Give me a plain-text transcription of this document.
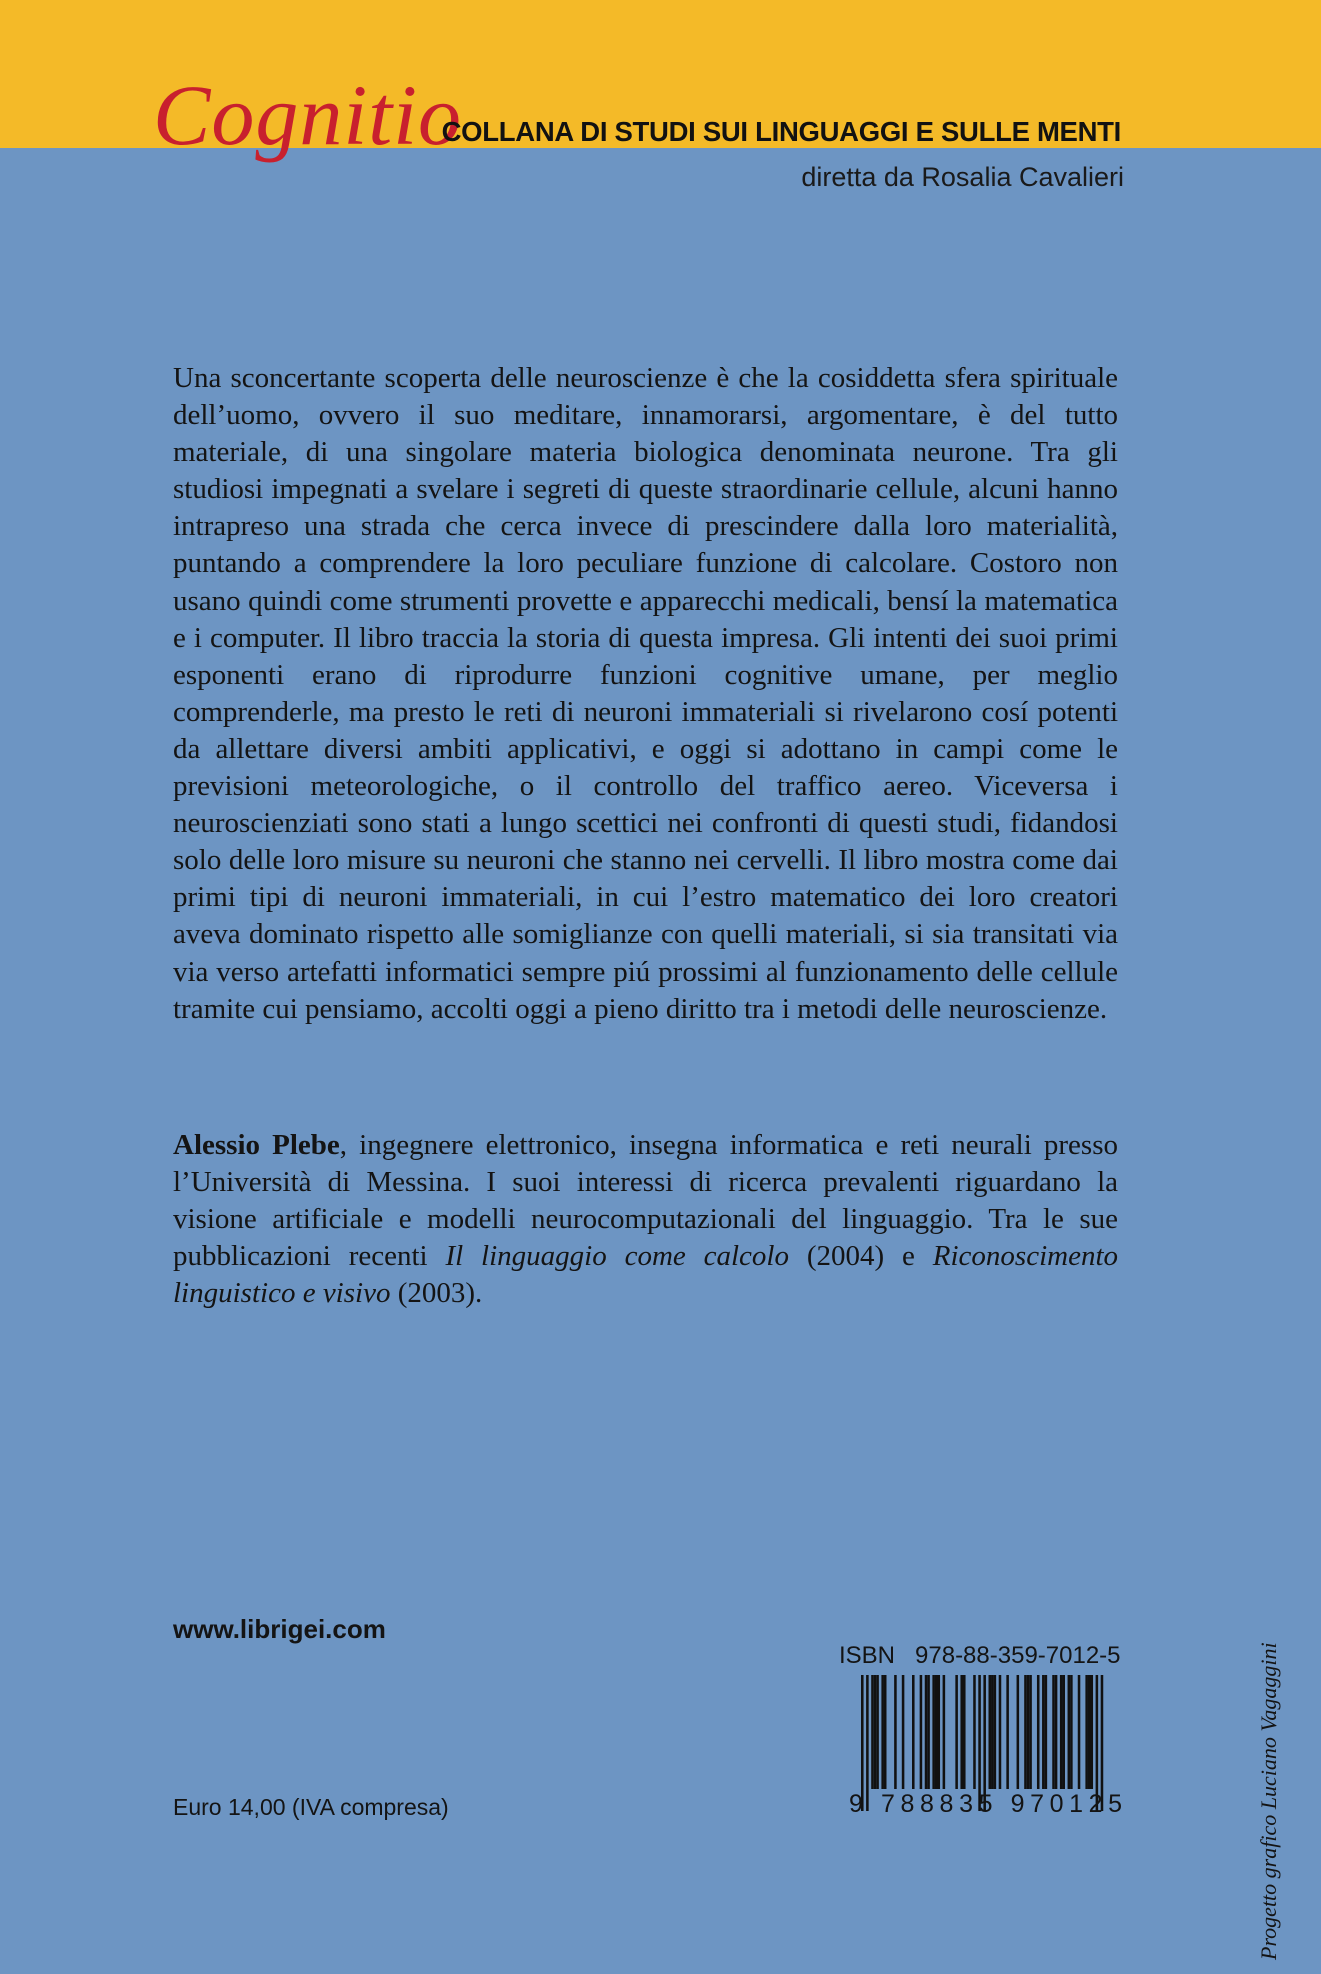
Cognitio
COLLANA DI STUDI SUI LINGUAGGI E SULLE MENTI
diretta da Rosalia Cavalieri

Una sconcertante scoperta delle neuroscienze è che la cosiddetta sfera spirituale dell’uomo, ovvero il suo meditare, innamorarsi, argomentare, è del tutto materiale, di una singolare materia biologica denominata neurone. Tra gli studiosi impegnati a svelare i segreti di queste straordinarie cellule, alcuni hanno intrapreso una strada che cerca invece di prescindere dalla loro materialità, puntando a comprendere la loro peculiare funzione di calcolare. Costoro non usano quindi come strumenti provette e apparecchi medicali, bensí la matematica e i computer. Il libro traccia la storia di questa impresa. Gli intenti dei suoi primi esponenti erano di riprodurre funzioni cognitive umane, per meglio comprenderle, ma presto le reti di neuroni immateriali si rivelarono cosí potenti da allettare diversi ambiti applicativi, e oggi si adottano in campi come le previsioni meteorologiche, o il controllo del traffico aereo. Viceversa i neuroscienziati sono stati a lungo scettici nei confronti di questi studi, fidandosi solo delle loro misure su neuroni che stanno nei cervelli. Il libro mostra come dai primi tipi di neuroni immateriali, in cui l’estro matematico dei loro creatori aveva dominato rispetto alle somiglianze con quelli materiali, si sia transitati via via verso artefatti informatici sempre piú prossimi al funzionamento delle cellule tramite cui pensiamo, accolti oggi a pieno diritto tra i metodi delle neuroscienze.

Alessio Plebe, ingegnere elettronico, insegna informatica e reti neurali presso l’Università di Messina. I suoi interessi di ricerca prevalenti riguardano la visione artificiale e modelli neurocomputazionali del linguaggio. Tra le sue pubblicazioni recenti Il linguaggio come calcolo (2004) e Riconoscimento linguistico e visivo (2003).

Progetto grafico Luciano Vagaggini
www.librigei.com
Euro 14,00 (IVA compresa)
ISBN   978-88-359-7012-5
9 788835 970125
